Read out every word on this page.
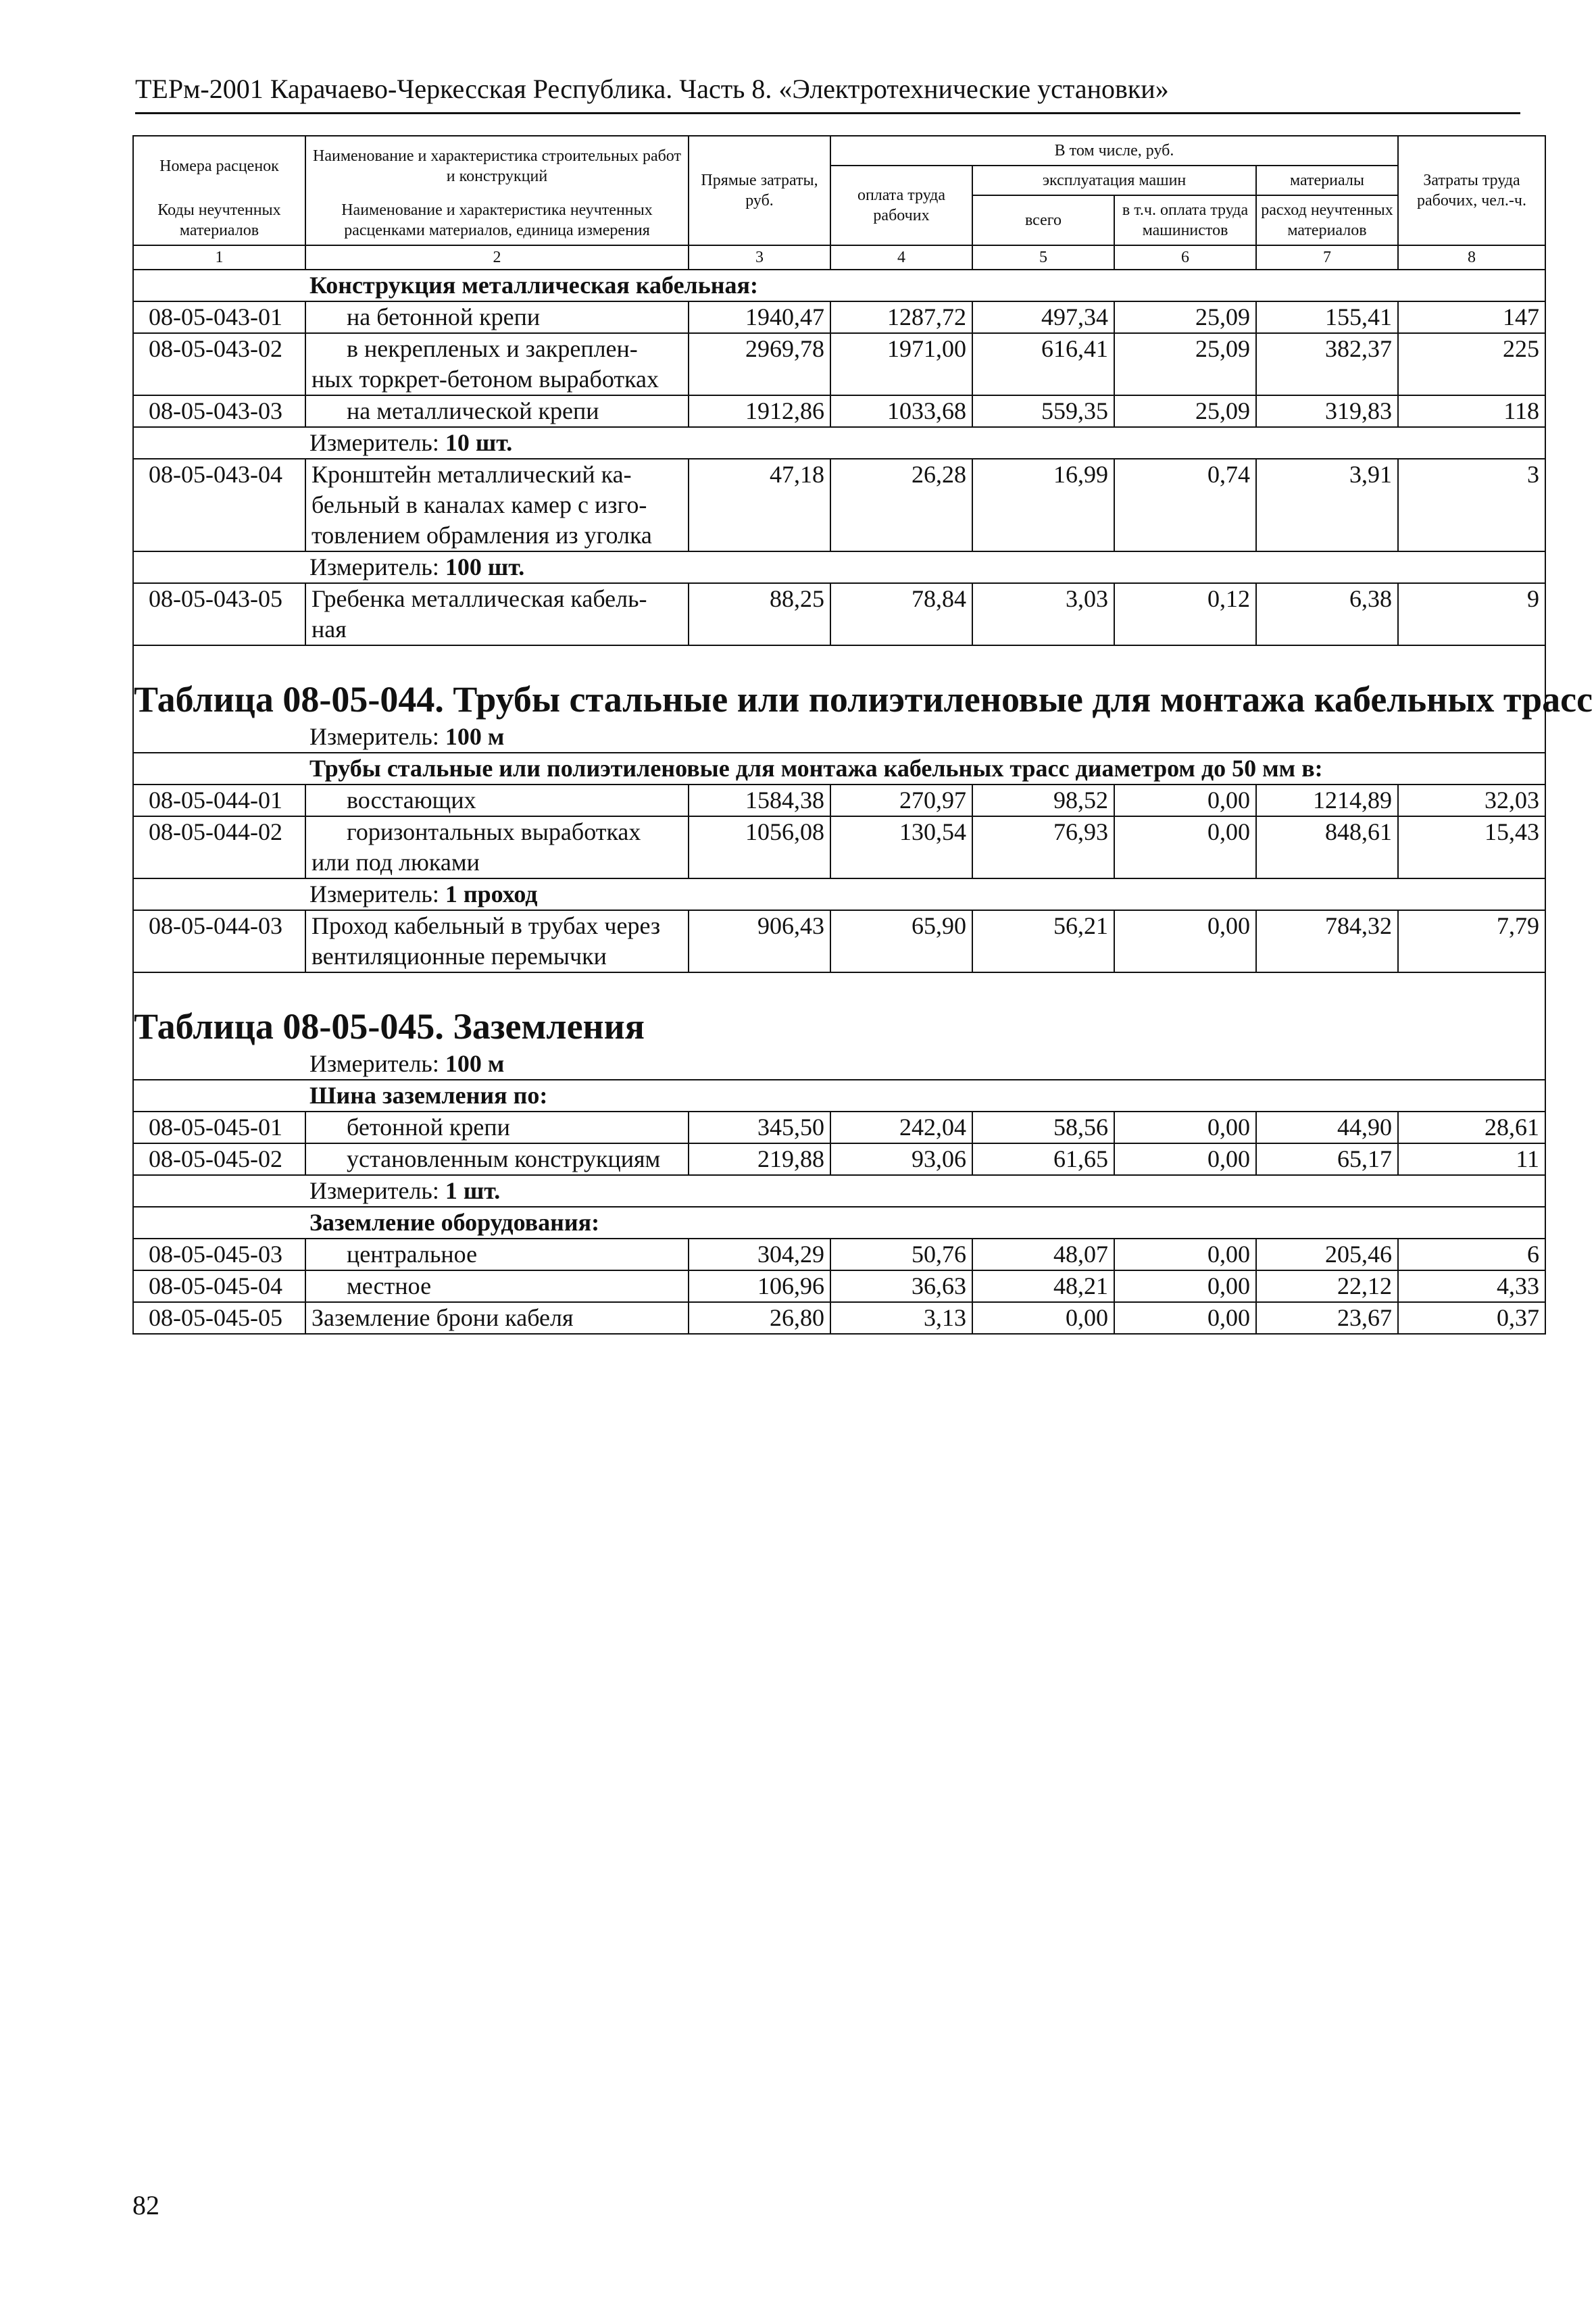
ТЕРм-2001 Карачаево-Черкесская Республика. Часть 8. «Электротехнические установки»
Номера расценок	Наименование и характеристика строительных работ и конструкций	Прямые затраты, руб.	В том числе, руб.				Затраты труда рабочих, чел.-ч.
			оплата труда рабочих	эксплуатация машин		материалы	
Коды неучтенных материалов	Наименование и характеристика неучтенных расценками материалов, единица измерения			всего	в т.ч. оплата труда машинистов	расход неучтенных материалов	

1	2	3	4	5	6	7	8
Конструкция металлическая кабельная:							
08-05-043-01	на бетонной крепи	1940,47	1287,72	497,34	25,09	155,41	147
08-05-043-02	в некрепленых и закреплен-
ных торкрет-бетоном выработках	2969,78	1971,00	616,41	25,09	382,37	225
08-05-043-03	на металлической крепи	1912,86	1033,68	559,35	25,09	319,83	118
Измеритель: 10 шт.							
08-05-043-04	Кронштейн металлический ка-
бельный в каналах камер с изго-
товлением обрамления из уголка	47,18	26,28	16,99	0,74	3,91	3
Измеритель: 100 шт.							
08-05-043-05	Гребенка металлическая кабель-
ная	88,25	78,84	3,03	0,12	6,38	9
Таблица 08-05-044. Трубы стальные или полиэтиленовые для монтажа кабельных трасс							
Измеритель: 100 м							
Трубы стальные или полиэтиленовые для монтажа кабельных трасс диаметром до 50 мм в:							
08-05-044-01	восстающих	1584,38	270,97	98,52	0,00	1214,89	32,03
08-05-044-02	горизонтальных выработках
или под люками	1056,08	130,54	76,93	0,00	848,61	15,43
Измеритель: 1 проход							
08-05-044-03	Проход кабельный в трубах через
вентиляционные перемычки	906,43	65,90	56,21	0,00	784,32	7,79
Таблица 08-05-045. Заземления							
Измеритель: 100 м							
Шина заземления по:							
08-05-045-01	бетонной крепи	345,50	242,04	58,56	0,00	44,90	28,61
08-05-045-02	установленным конструкциям	219,88	93,06	61,65	0,00	65,17	11
Измеритель: 1 шт.							
Заземление оборудования:							
08-05-045-03	центральное	304,29	50,76	48,07	0,00	205,46	6
08-05-045-04	местное	106,96	36,63	48,21	0,00	22,12	4,33
08-05-045-05	Заземление брони кабеля	26,80	3,13	0,00	0,00	23,67	0,37
82
